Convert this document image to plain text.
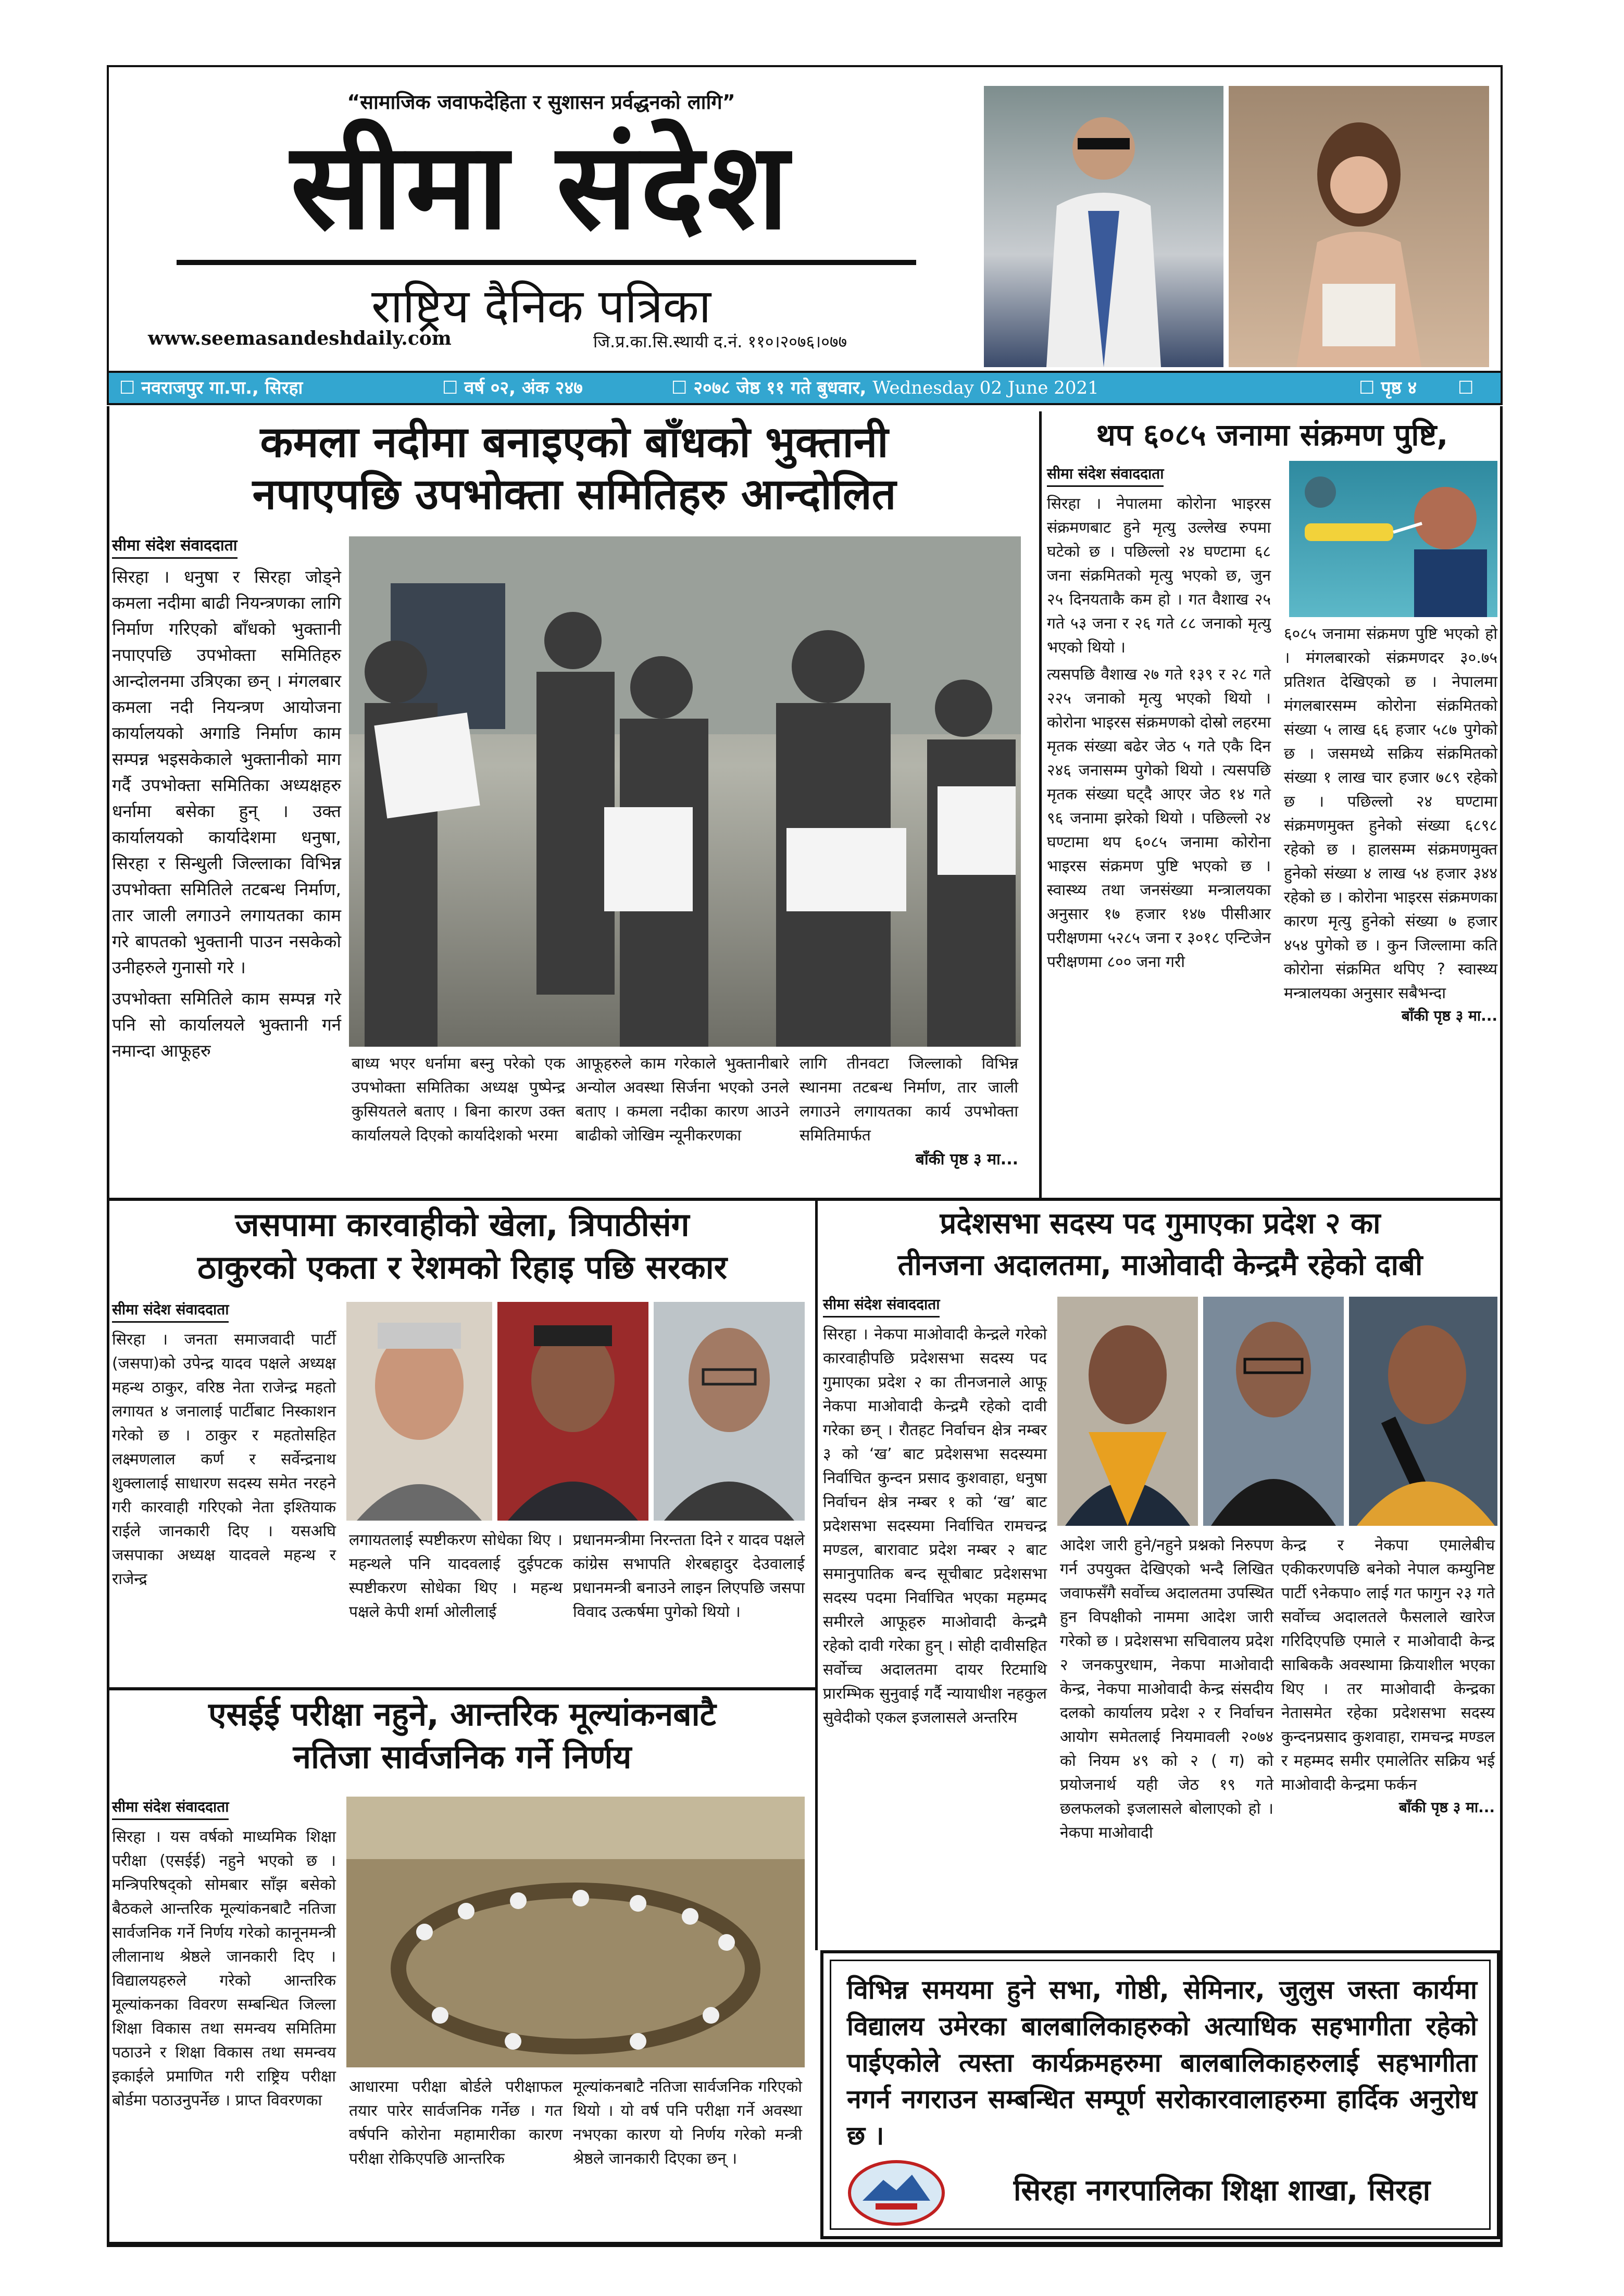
“सामाजिक जवाफदेहिता र सुशासन प्रर्वद्धनको लागि”
सीमा संदेश
राष्ट्रिय दैनिक पत्रिका
www.seemasandeshdaily.com	जि.प्र.का.सि.स्थायी द.नं. ११०।२०७६।०७७
☐ नवराजपुर गा.पा., सिरहा	☐ वर्ष ०२, अंक २४७	☐ २०७८ जेष्ठ ११ गते बुधवार, Wednesday 02 June 2021	☐ पृष्ठ ४ ☐ मूल्य रु. ५
कमला नदीमा बनाइएको बाँधको भुक्तानी
नपाएपछि उपभोक्ता समितिहरु आन्दोलित
सीमा संदेश संवाददाता
सिरहा । धनुषा र सिरहा जोड्ने कमला नदीमा बाढी नियन्त्रणका लागि निर्माण गरिएको बाँधको भुक्तानी नपाएपछि उपभोक्ता समितिहरु आन्दोलनमा उत्रिएका छन् । मंगलबार कमला नदी नियन्त्रण आयोजना कार्यालयको अगाडि निर्माण काम सम्पन्न भइसकेकाले भुक्तानीको माग गर्दै उपभोक्ता समितिका अध्यक्षहरु धर्नामा बसेका हुन् । उक्त कार्यालयको कार्यादेशमा धनुषा, सिरहा र सिन्धुली जिल्लाका विभिन्न उपभोक्ता समितिले तटबन्ध निर्माण, तार जाली लगाउने लगायतका काम गरे बापतको भुक्तानी पाउन नसकेको उनीहरुले गुनासो गरे ।
उपभोक्ता समितिले काम सम्पन्न गरे पनि सो कार्यालयले भुक्तानी गर्न नमान्दा आफूहरु
बाध्य भएर धर्नामा बस्नु परेको एक उपभोक्ता समितिका अध्यक्ष पुष्पेन्द्र कुसियतले बताए । बिना कारण उक्त कार्यालयले दिएको कार्यादेशको भरमा
आफूहरुले काम गरेकाले भुक्तानीबारे अन्योल अवस्था सिर्जना भएको उनले बताए । कमला नदीका कारण आउने बाढीको जोखिम न्यूनीकरणका
लागि तीनवटा जिल्लाको विभिन्न स्थानमा तटबन्ध निर्माण, तार जाली लगाउने लगायतका कार्य उपभोक्ता समितिमार्फत
बाँकी पृष्ठ ३ मा...
थप ६०८५ जनामा संक्रमण पुष्टि,
सीमा संदेश संवाददाता
सिरहा । नेपालमा कोरोना भाइरस संक्रमणबाट हुने मृत्यु उल्लेख रुपमा घटेको छ । पछिल्लो २४ घण्टामा ६८ जना संक्रमितको मृत्यु भएको छ, जुन २५ दिनयताकै कम हो । गत वैशाख २५ गते ५३ जना र २६ गते ८८ जनाको मृत्यु भएको थियो ।
त्यसपछि वैशाख २७ गते १३९ र २८ गते २२५ जनाको मृत्यु भएको थियो । कोरोना भाइरस संक्रमणको दोस्रो लहरमा मृतक संख्या बढेर जेठ ५ गते एकै दिन २४६ जनासम्म पुगेको थियो । त्यसपछि मृतक संख्या घट्दै आएर जेठ १४ गते ९६ जनामा झरेको थियो । पछिल्लो २४ घण्टामा थप ६०८५ जनामा कोरोना भाइरस संक्रमण पुष्टि भएको छ । स्वास्थ्य तथा जनसंख्या मन्त्रालयका अनुसार १७ हजार १४७ पीसीआर परीक्षणमा ५२८५ जना र ३०१८ एन्टिजेन परीक्षणमा ८०० जना गरी
६०८५ जनामा संक्रमण पुष्टि भएको हो । मंगलबारको संक्रमणदर ३०.७५ प्रतिशत देखिएको छ । नेपालमा मंगलबारसम्म कोरोना संक्रमितको संख्या ५ लाख ६६ हजार ५८७ पुगेको छ । जसमध्ये सक्रिय संक्रमितको संख्या १ लाख चार हजार ७८९ रहेको छ । पछिल्लो २४ घण्टामा संक्रमणमुक्त हुनेको संख्या ६८९८ रहेको छ । हालसम्म संक्रमणमुक्त हुनेको संख्या ४ लाख ५४ हजार ३४४ रहेको छ । कोरोना भाइरस संक्रमणका कारण मृत्यु हुनेको संख्या ७ हजार ४५४ पुगेको छ । कुन जिल्लामा कति कोरोना संक्रमित थपिए ? स्वास्थ्य मन्त्रालयका अनुसार सबैभन्दा
बाँकी पृष्ठ ३ मा...
जसपामा कारवाहीको खेला, त्रिपाठीसंग
ठाकुरको एकता र रेशमको रिहाइ पछि सरकार
सीमा संदेश संवाददाता
सिरहा । जनता समाजवादी पार्टी (जसपा)को उपेन्द्र यादव पक्षले अध्यक्ष महन्थ ठाकुर, वरिष्ठ नेता राजेन्द्र महतो लगायत ४ जनालाई पार्टीबाट निस्काशन गरेको छ । ठाकुर र महतोसहित लक्ष्मणलाल कर्ण र सर्वेन्द्रनाथ शुक्लालाई साधारण सदस्य समेत नरहने गरी कारवाही गरिएको नेता इश्तियाक राईले जानकारी दिए । यसअघि जसपाका अध्यक्ष यादवले महन्थ र राजेन्द्र
लगायतलाई स्पष्टीकरण सोधेका थिए । महन्थले पनि यादवलाई दुईपटक स्पष्टीकरण सोधेका थिए । महन्थ पक्षले केपी शर्मा ओलीलाई
प्रधानमन्त्रीमा निरन्तता दिने र यादव पक्षले कांग्रेस सभापति शेरबहादुर देउवालाई प्रधानमन्त्री बनाउने लाइन लिएपछि जसपा विवाद उत्कर्षमा पुगेको थियो ।
प्रदेशसभा सदस्य पद गुमाएका प्रदेश २ का
तीनजना अदालतमा, माओवादी केन्द्रमै रहेको दाबी
सीमा संदेश संवाददाता
सिरहा । नेकपा माओवादी केन्द्रले गरेको कारवाहीपछि प्रदेशसभा सदस्य पद गुमाएका प्रदेश २ का तीनजनाले आफू नेकपा माओवादी केन्द्रमै रहेको दावी गरेका छन् । रौतहट निर्वाचन क्षेत्र नम्बर ३ को ‘ख’ बाट प्रदेशसभा सदस्यमा निर्वाचित कुन्दन प्रसाद कुशवाहा, धनुषा निर्वाचन क्षेत्र नम्बर १ को ‘ख’ बाट प्रदेशसभा सदस्यमा निर्वाचित रामचन्द्र मण्डल, बारावाट प्रदेश नम्बर २ बाट समानुपातिक बन्द सूचीबाट प्रदेशसभा सदस्य पदमा निर्वाचित भएका महम्मद समीरले आफूहरु माओवादी केन्द्रमै रहेको दावी गरेका हुन् । सोही दावीसहित सर्वोच्च अदालतमा दायर रिटमाथि प्रारम्भिक सुनुवाई गर्दै न्यायाधीश नहकुल सुवेदीको एकल इजलासले अन्तरिम
आदेश जारी हुने/नहुने प्रश्नको निरुपण गर्न उपयुक्त देखिएको भन्दै लिखित जवाफसँगै सर्वोच्च अदालतमा उपस्थित हुन विपक्षीको नाममा आदेश जारी गरेको छ । प्रदेशसभा सचिवालय प्रदेश २ जनकपुरधाम, नेकपा माओवादी केन्द्र, नेकपा माओवादी केन्द्र संसदीय दलको कार्यालय प्रदेश २ र निर्वाचन आयोग समेतलाई नियमावली २०७४ को नियम ४९ को २ ( ग) को प्रयोजनार्थ यही जेठ १९ गते छलफलको इजलासले बोलाएको हो । नेकपा माओवादी
केन्द्र र नेकपा एमालेबीच एकीकरणपछि बनेको नेपाल कम्युनिष्ट पार्टी ९नेकपा० लाई गत फागुन २३ गते सर्वोच्च अदालतले फैसलाले खारेज गरिदिएपछि एमाले र माओवादी केन्द्र साबिककै अवस्थामा क्रियाशील भएका थिए । तर माओवादी केन्द्रका नेतासमेत रहेका प्रदेशसभा सदस्य कुन्दनप्रसाद कुशवाहा, रामचन्द्र मण्डल र महम्मद समीर एमालेतिर सक्रिय भई माओवादी केन्द्रमा फर्कन
बाँकी पृष्ठ ३ मा...
एसईई परीक्षा नहुने, आन्तरिक मूल्यांकनबाटै
नतिजा सार्वजनिक गर्ने निर्णय
सीमा संदेश संवाददाता
सिरहा । यस वर्षको माध्यमिक शिक्षा परीक्षा (एसईई) नहुने भएको छ । मन्त्रिपरिषद्को सोमबार साँझ बसेको बैठकले आन्तरिक मूल्यांकनबाटै नतिजा सार्वजनिक गर्ने निर्णय गरेको कानूनमन्त्री लीलानाथ श्रेष्ठले जानकारी दिए । विद्यालयहरुले गरेको आन्तरिक मूल्यांकनका विवरण सम्बन्धित जिल्ला शिक्षा विकास तथा समन्वय समितिमा पठाउने र शिक्षा विकास तथा समन्वय इकाईले प्रमाणित गरी राष्ट्रिय परीक्षा बोर्डमा पठाउनुपर्नेछ । प्राप्त विवरणका
आधारमा परीक्षा बोर्डले परीक्षाफल तयार पारेर सार्वजनिक गर्नेछ । गत वर्षपनि कोरोना महामारीका कारण परीक्षा रोकिएपछि आन्तरिक
मूल्यांकनबाटै नतिजा सार्वजनिक गरिएको थियो । यो वर्ष पनि परीक्षा गर्ने अवस्था नभएका कारण यो निर्णय गरेको मन्त्री श्रेष्ठले जानकारी दिएका छन् ।
विभिन्न समयमा हुने सभा, गोष्ठी, सेमिनार, जुलुस जस्ता कार्यमा विद्यालय उमेरका बालबालिकाहरुको अत्याधिक सहभागीता रहेको पाईएकोले त्यस्ता कार्यक्रमहरुमा बालबालिकाहरुलाई सहभागीता नगर्न नगराउन सम्बन्धित सम्पूर्ण सरोकारवालाहरुमा हार्दिक अनुरोध छ ।
सिरहा नगरपालिका शिक्षा शाखा, सिरहा
